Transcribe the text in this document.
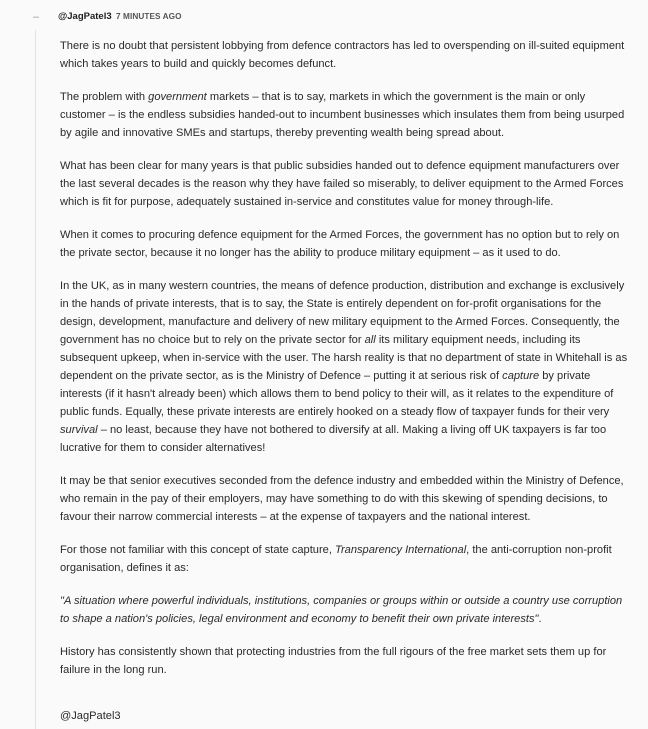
– @JagPatel3 7 MINUTES AGO

There is no doubt that persistent lobbying from defence contractors has led to overspending on ill-suited equipment which takes years to build and quickly becomes defunct.

The problem with government markets – that is to say, markets in which the government is the main or only customer – is the endless subsidies handed-out to incumbent businesses which insulates them from being usurped by agile and innovative SMEs and startups, thereby preventing wealth being spread about.

What has been clear for many years is that public subsidies handed out to defence equipment manufacturers over the last several decades is the reason why they have failed so miserably, to deliver equipment to the Armed Forces which is fit for purpose, adequately sustained in-service and constitutes value for money through-life.

When it comes to procuring defence equipment for the Armed Forces, the government has no option but to rely on the private sector, because it no longer has the ability to produce military equipment – as it used to do.

In the UK, as in many western countries, the means of defence production, distribution and exchange is exclusively in the hands of private interests, that is to say, the State is entirely dependent on for-profit organisations for the design, development, manufacture and delivery of new military equipment to the Armed Forces. Consequently, the government has no choice but to rely on the private sector for all its military equipment needs, including its subsequent upkeep, when in-service with the user. The harsh reality is that no department of state in Whitehall is as dependent on the private sector, as is the Ministry of Defence – putting it at serious risk of capture by private interests (if it hasn't already been) which allows them to bend policy to their will, as it relates to the expenditure of public funds. Equally, these private interests are entirely hooked on a steady flow of taxpayer funds for their very survival – no least, because they have not bothered to diversify at all. Making a living off UK taxpayers is far too lucrative for them to consider alternatives!

It may be that senior executives seconded from the defence industry and embedded within the Ministry of Defence, who remain in the pay of their employers, may have something to do with this skewing of spending decisions, to favour their narrow commercial interests – at the expense of taxpayers and the national interest.

For those not familiar with this concept of state capture, Transparency International, the anti-corruption non-profit organisation, defines it as:

"A situation where powerful individuals, institutions, companies or groups within or outside a country use corruption to shape a nation's policies, legal environment and economy to benefit their own private interests".

History has consistently shown that protecting industries from the full rigours of the free market sets them up for failure in the long run.

@JagPatel3
